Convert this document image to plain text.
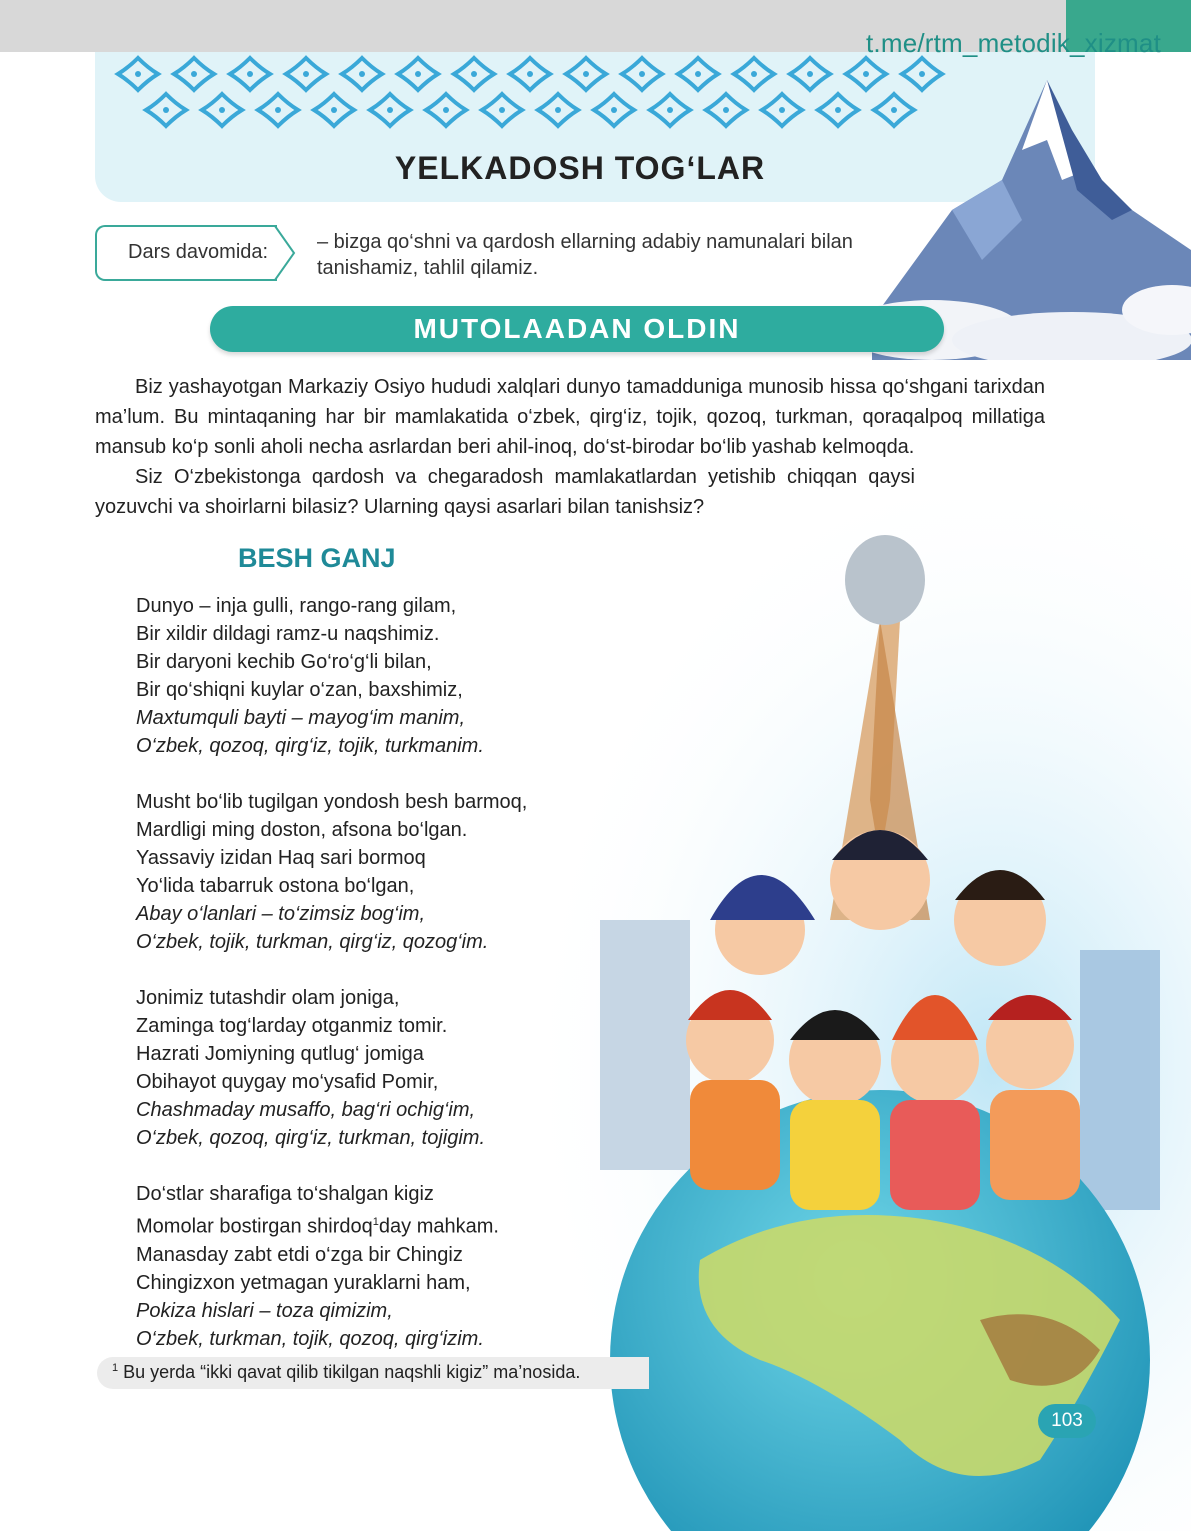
t.me/rtm_metodik_xizmat
YELKADOSH TOG‘LAR
Dars davomida: – bizga qo‘shni va qardosh ellarning adabiy namunalari bilan tanishamiz, tahlil qilamiz.
MUTOLAADAN OLDIN
Biz yashayotgan Markaziy Osiyo hududi xalqlari dunyo tamadduniga munosib hissa qo‘shgani tarixdan ma’lum. Bu mintaqaning har bir mamlakatida o‘zbek, qirg‘iz, tojik, qozoq, turkman, qoraqalpoq millatiga mansub ko‘p sonli aholi necha asrlardan beri ahil-inoq, do‘st-birodar bo‘lib yashab kelmoqda.
Siz O‘zbekistonga qardosh va chegaradosh mamlakatlardan yetishib chiqqan qaysi yozuvchi va shoirlarni bilasiz? Ularning qaysi asarlari bilan tanishsiz?
BESH GANJ
Dunyo – inja gulli, rango-rang gilam,
Bir xildir dildagi ramz-u naqshimiz.
Bir daryoni kechib Go‘ro‘g‘li bilan,
Bir qo‘shiqni kuylar o‘zan, baxshimiz,
Maxtumquli bayti – mayog‘im manim,
O‘zbek, qozoq, qirg‘iz, tojik, turkmanim.
Musht bo‘lib tugilgan yondosh besh barmoq,
Mardligi ming doston, afsona bo‘lgan.
Yassaviy izidan Haq sari bormoq
Yo‘lida tabarruk ostona bo‘lgan,
Abay o‘lanlari – to‘zimsiz bog‘im,
O‘zbek, tojik, turkman, qirg‘iz, qozog‘im.
Jonimiz tutashdir olam joniga,
Zaminga tog‘larday otganmiz tomir.
Hazrati Jomiyning qutlug‘ jomiga
Obihayot quygay mo‘ysafid Pomir,
Chashmaday musaffo, bag‘ri ochig‘im,
O‘zbek, qozoq, qirg‘iz, turkman, tojigim.
Do‘stlar sharafiga to‘shalgan kigiz
Momolar bostirgan shirdoq$^1$day mahkam.
Manasday zabt etdi o‘zga bir Chingiz
Chingizxon yetmagan yuraklarni ham,
Pokiza hislari – toza qimizim,
O‘zbek, turkman, tojik, qozoq, qirg‘izim.
$^1$ Bu yerda “ikki qavat qilib tikilgan naqshli kigiz” ma’nosida.
103
